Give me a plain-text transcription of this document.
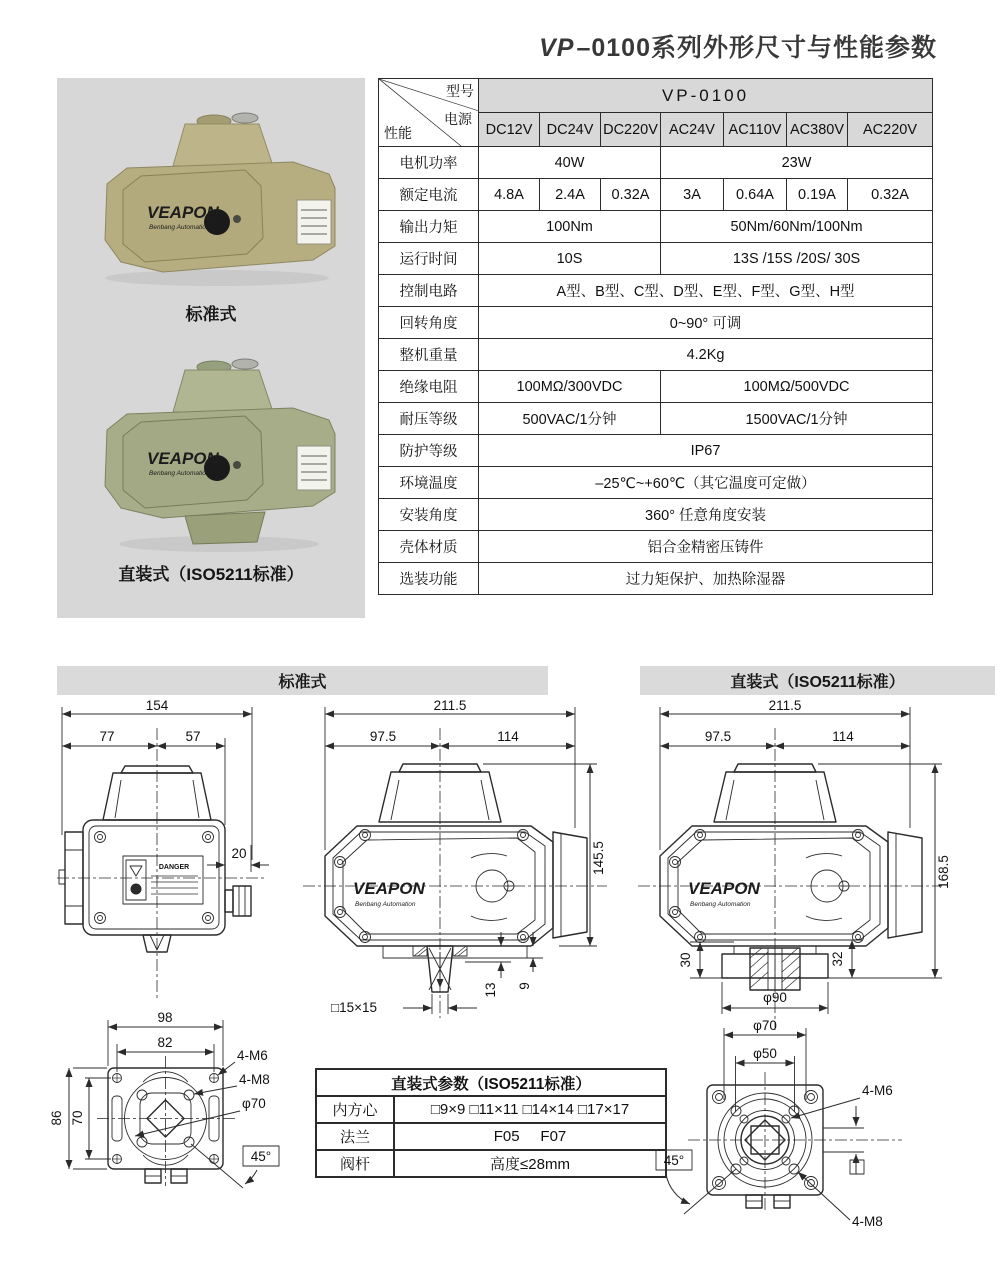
VP–0100系列外形尺寸与性能参数
VEAPON
Benbang Automation
标准式
VEAPON
Benbang Automation
直装式（ISO5211标准）
型号
电源
性能	VP-0100						
	DC12V	DC24V	DC220V	AC24V	AC110V	AC380V	AC220V
电机功率	40W			23W			
额定电流	4.8A	2.4A	0.32A	3A	0.64A	0.19A	0.32A
输出力矩	100Nm			50Nm/60Nm/100Nm			
运行时间	10S			13S /15S /20S/ 30S			
控制电路	A型、B型、C型、D型、E型、F型、G型、H型						
回转角度	0~90° 可调						
整机重量	4.2Kg						
绝缘电阻	100MΩ/300VDC			100MΩ/500VDC			
耐压等级	500VAC/1分钟			1500VAC/1分钟			
防护等级	IP67						
环境温度	–25℃~+60℃（其它温度可定做）						
安装角度	360° 任意角度安装						
壳体材质	铝合金精密压铸件						
选装功能	过力矩保护、加热除湿器						
标准式	直装式（ISO5211标准）
154
77	57
DANGER
20
211.5
97.5	114
VEAPON
Benbang Automation
145.5
13 9
□15×15
211.5
97.5	114
VEAPON
Benbang Automation
30	32
φ90
168.5
98
82
86 70
4-M6
4-M8
φ70
45°
直装式参数（ISO5211标准）	
内方心	□9×9 □11×11 □14×14 □17×17
法兰	F05     F07
阀杆	高度≤28mm
φ70
φ50
4-M6
4-M8
45°
